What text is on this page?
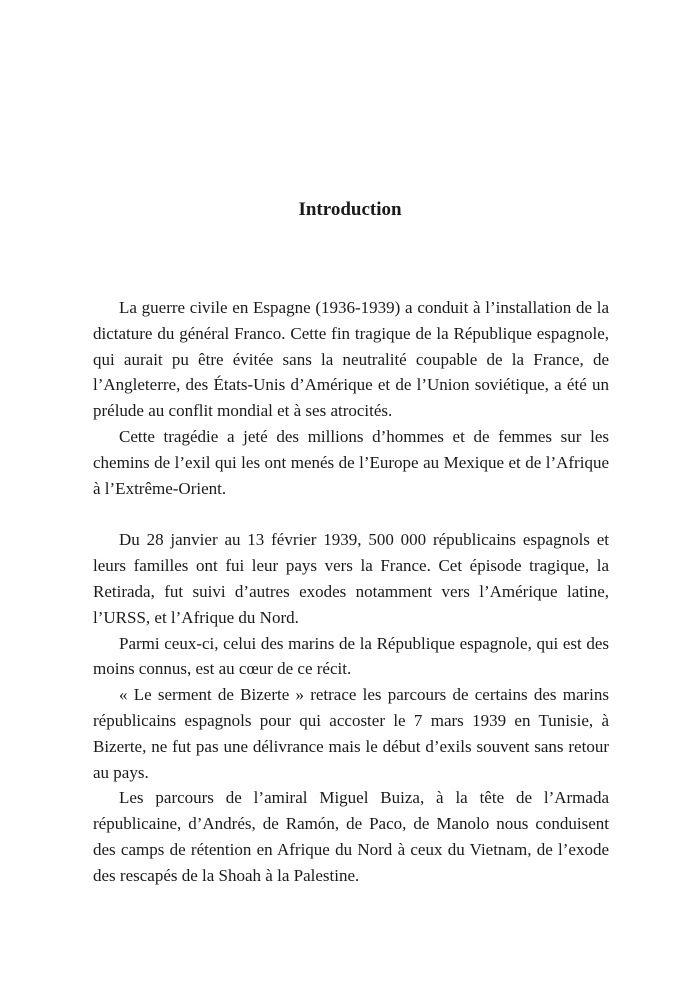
Introduction

La guerre civile en Espagne (1936-1939) a conduit à l’installation de la dictature du général Franco. Cette fin tragique de la République espagnole, qui aurait pu être évitée sans la neutralité coupable de la France, de l’Angleterre, des États-Unis d’Amérique et de l’Union soviétique, a été un prélude au conflit mondial et à ses atrocités.

Cette tragédie a jeté des millions d’hommes et de femmes sur les chemins de l’exil qui les ont menés de l’Europe au Mexique et de l’Afrique à l’Extrême-Orient.

Du 28 janvier au 13 février 1939, 500 000 républicains espagnols et leurs familles ont fui leur pays vers la France. Cet épisode tragique, la Retirada, fut suivi d’autres exodes notamment vers l’Amérique latine, l’URSS, et l’Afrique du Nord.

Parmi ceux-ci, celui des marins de la République espagnole, qui est des moins connus, est au cœur de ce récit.

« Le serment de Bizerte » retrace les parcours de certains des marins républicains espagnols pour qui accoster le 7 mars 1939 en Tunisie, à Bizerte, ne fut pas une délivrance mais le début d’exils souvent sans retour au pays.

Les parcours de l’amiral Miguel Buiza, à la tête de l’Armada républicaine, d’Andrés, de Ramón, de Paco, de Manolo nous conduisent des camps de rétention en Afrique du Nord à ceux du Vietnam, de l’exode des rescapés de la Shoah à la Palestine.
